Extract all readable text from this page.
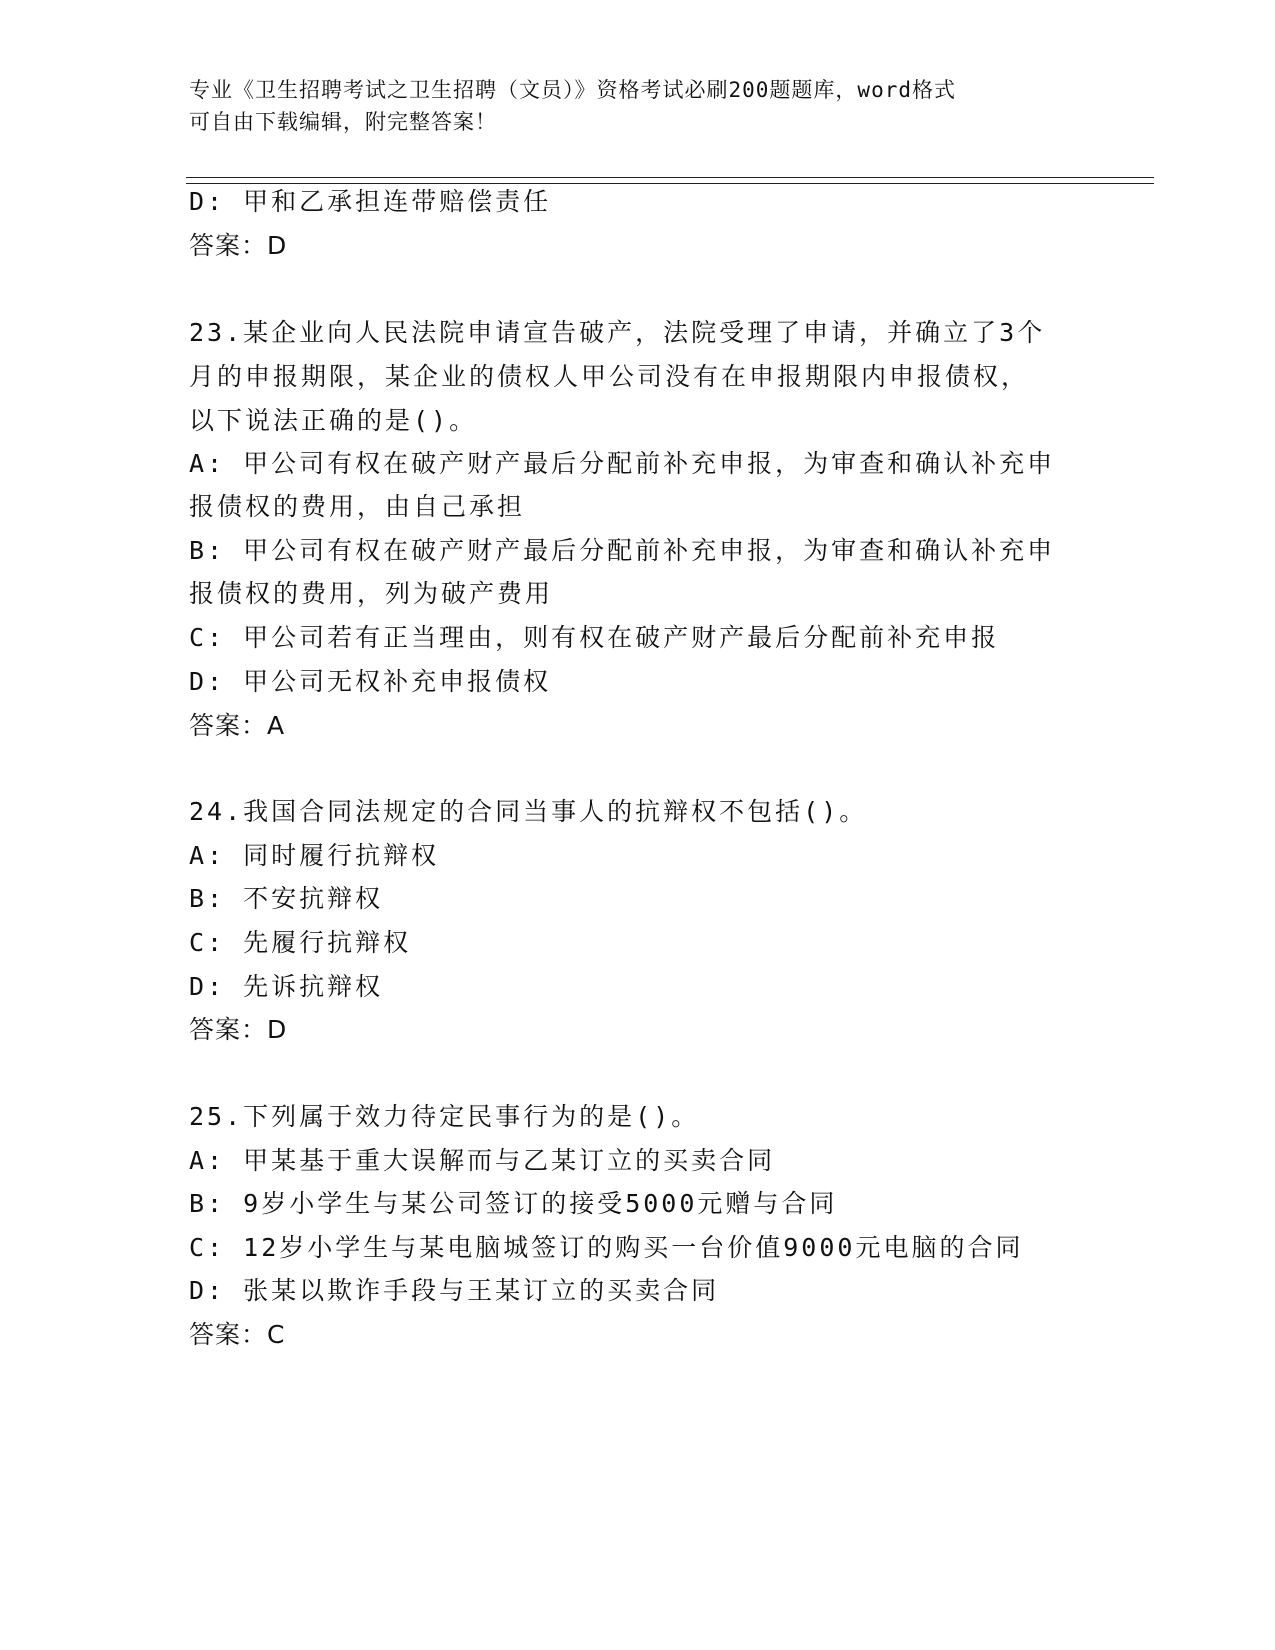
专业《卫生招聘考试之卫生招聘（文员）》资格考试必刷200题题库，word格式
可自由下载编辑，附完整答案！
D: 甲和乙承担连带赔偿责任
答案：D
23.某企业向人民法院申请宣告破产，法院受理了申请，并确立了3个
月的申报期限，某企业的债权人甲公司没有在申报期限内申报债权，
以下说法正确的是()。
A: 甲公司有权在破产财产最后分配前补充申报，为审查和确认补充申
报债权的费用，由自己承担
B: 甲公司有权在破产财产最后分配前补充申报，为审查和确认补充申
报债权的费用，列为破产费用
C: 甲公司若有正当理由，则有权在破产财产最后分配前补充申报
D: 甲公司无权补充申报债权
答案：A
24.我国合同法规定的合同当事人的抗辩权不包括()。
A: 同时履行抗辩权
B: 不安抗辩权
C: 先履行抗辩权
D: 先诉抗辩权
答案：D
25.下列属于效力待定民事行为的是()。
A: 甲某基于重大误解而与乙某订立的买卖合同
B: 9岁小学生与某公司签订的接受5000元赠与合同
C: 12岁小学生与某电脑城签订的购买一台价值9000元电脑的合同
D: 张某以欺诈手段与王某订立的买卖合同
答案：C
